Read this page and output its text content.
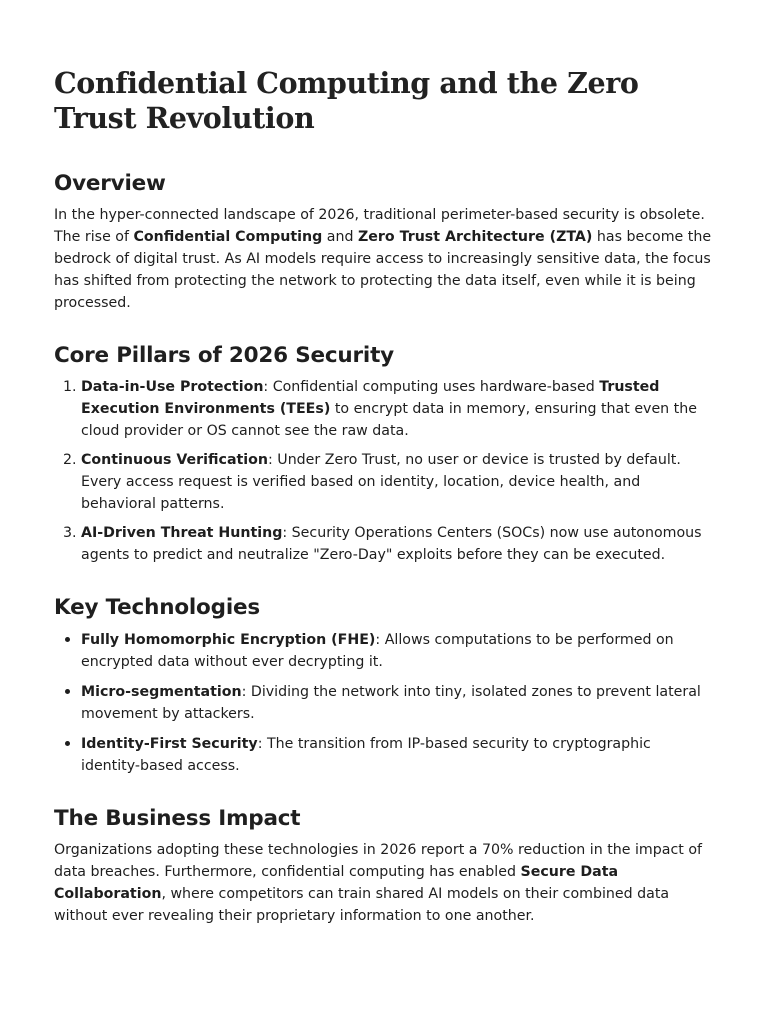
Confidential Computing and the Zero Trust Revolution
Overview

In the hyper-connected landscape of 2026, traditional perimeter-based security is obsolete. The rise of Confidential Computing and Zero Trust Architecture (ZTA) has become the bedrock of digital trust. As AI models require access to increasingly sensitive data, the focus has shifted from protecting the network to protecting the data itself, even while it is being processed.

Core Pillars of 2026 Security
1. Data-in-Use Protection: Confidential computing uses hardware-based Trusted Execution Environments (TEEs) to encrypt data in memory, ensuring that even the cloud provider or OS cannot see the raw data.
2. Continuous Verification: Under Zero Trust, no user or device is trusted by default. Every access request is verified based on identity, location, device health, and behavioral patterns.
3. AI-Driven Threat Hunting: Security Operations Centers (SOCs) now use autonomous agents to predict and neutralize "Zero-Day" exploits before they can be executed.
Key Technologies
• Fully Homomorphic Encryption (FHE): Allows computations to be performed on encrypted data without ever decrypting it.
• Micro-segmentation: Dividing the network into tiny, isolated zones to prevent lateral movement by attackers.
• Identity-First Security: The transition from IP-based security to cryptographic identity-based access.
The Business Impact

Organizations adopting these technologies in 2026 report a 70% reduction in the impact of data breaches. Furthermore, confidential computing has enabled Secure Data Collaboration, where competitors can train shared AI models on their combined data without ever revealing their proprietary information to one another.
